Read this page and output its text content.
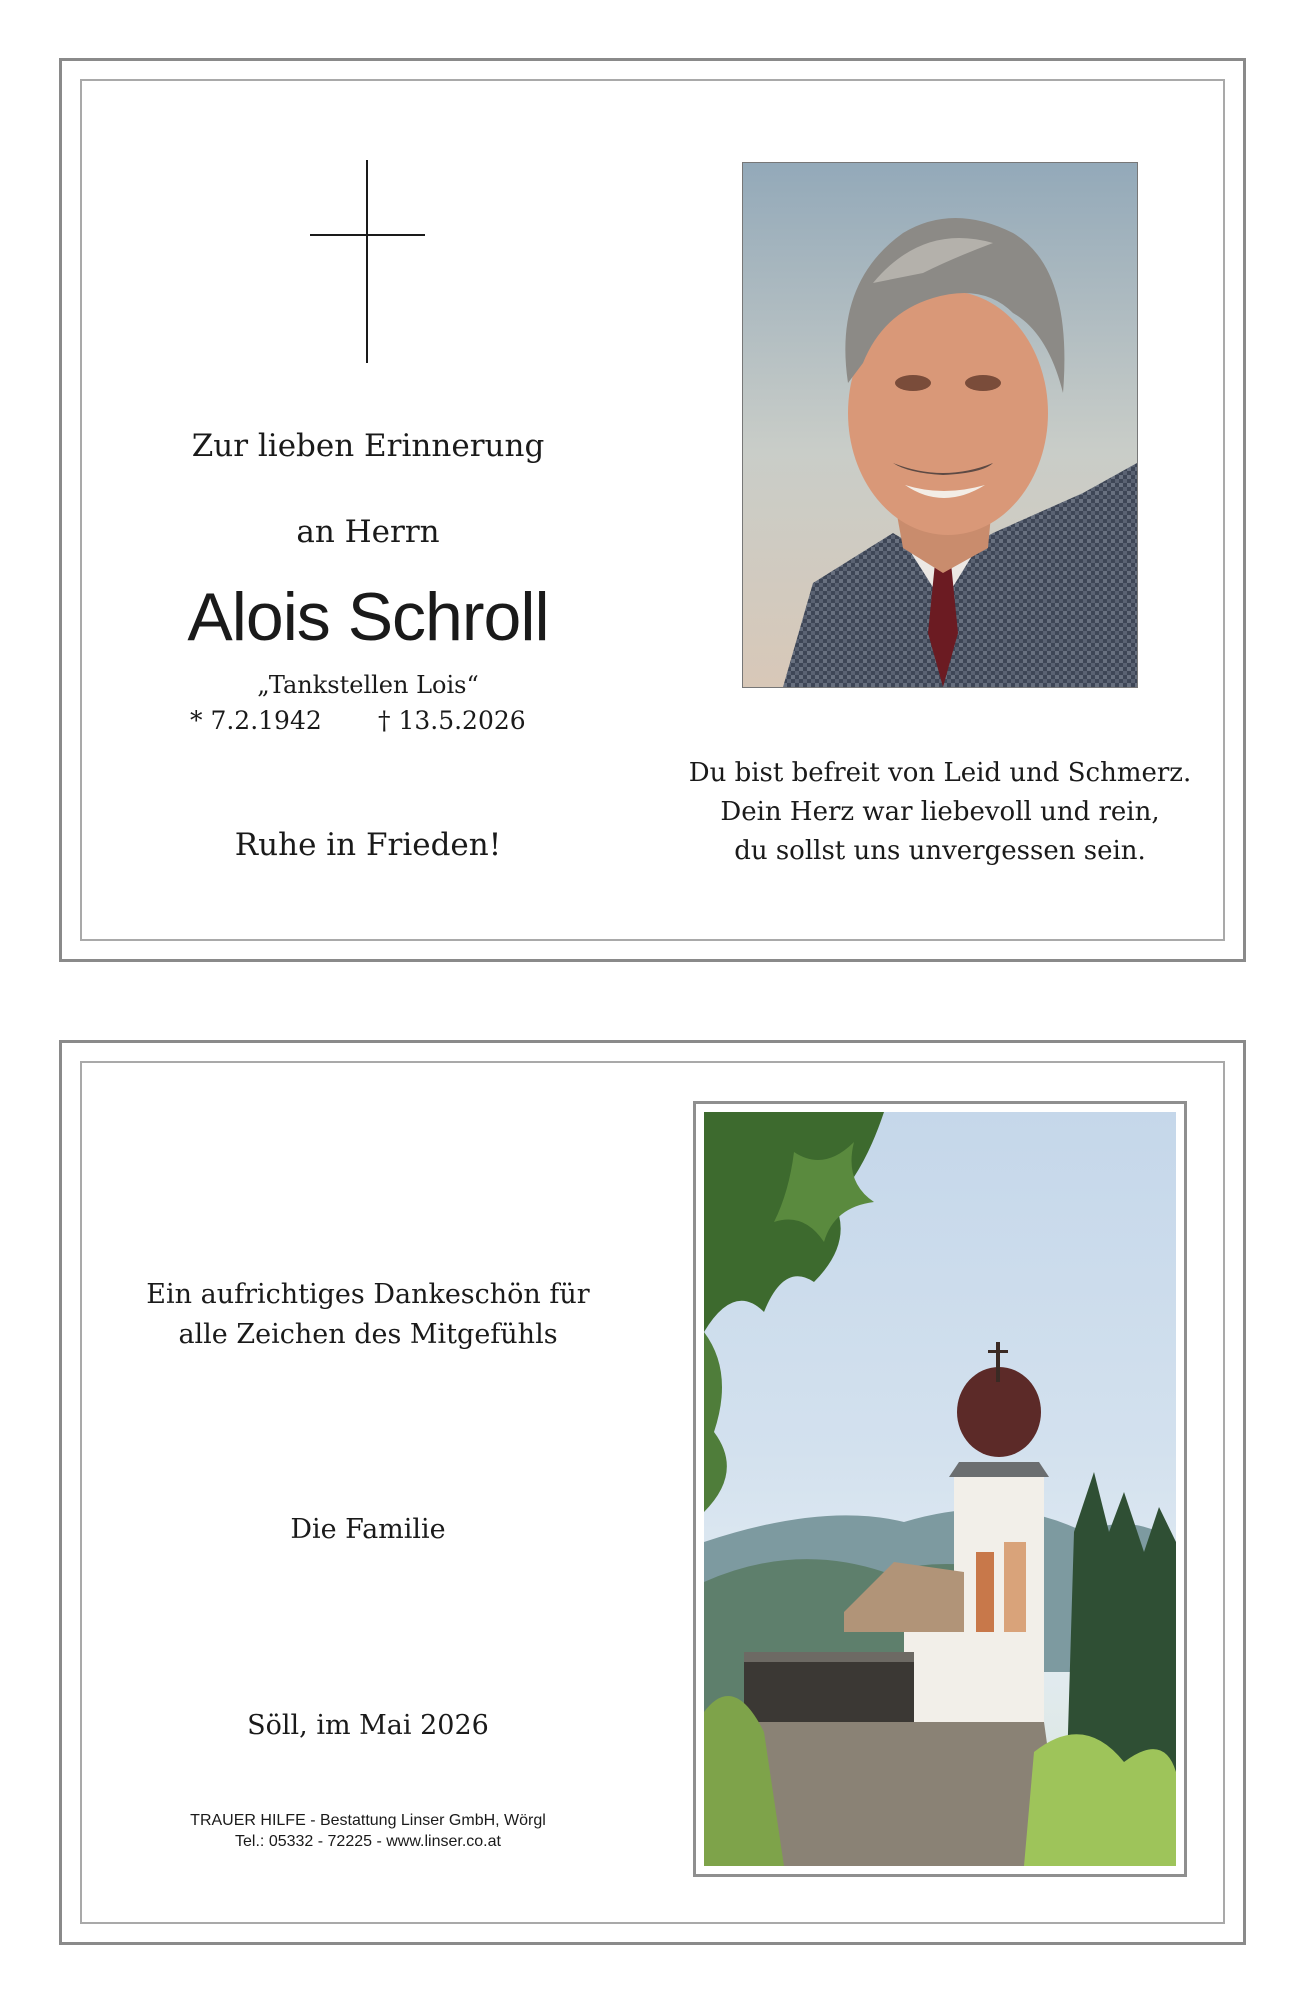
Zur lieben Erinnerung
an Herrn
Alois Schroll
„Tankstellen Lois“
* 7.2.1942	† 13.5.2026
Ruhe in Frieden!
Du bist befreit von Leid und Schmerz.
Dein Herz war liebevoll und rein,
du sollst uns unvergessen sein.
Ein aufrichtiges Dankeschön für
alle Zeichen des Mitgefühls
Die Familie
Söll, im Mai 2026
TRAUER HILFE - Bestattung Linser GmbH, Wörgl
Tel.: 05332 - 72225 - www.linser.co.at
